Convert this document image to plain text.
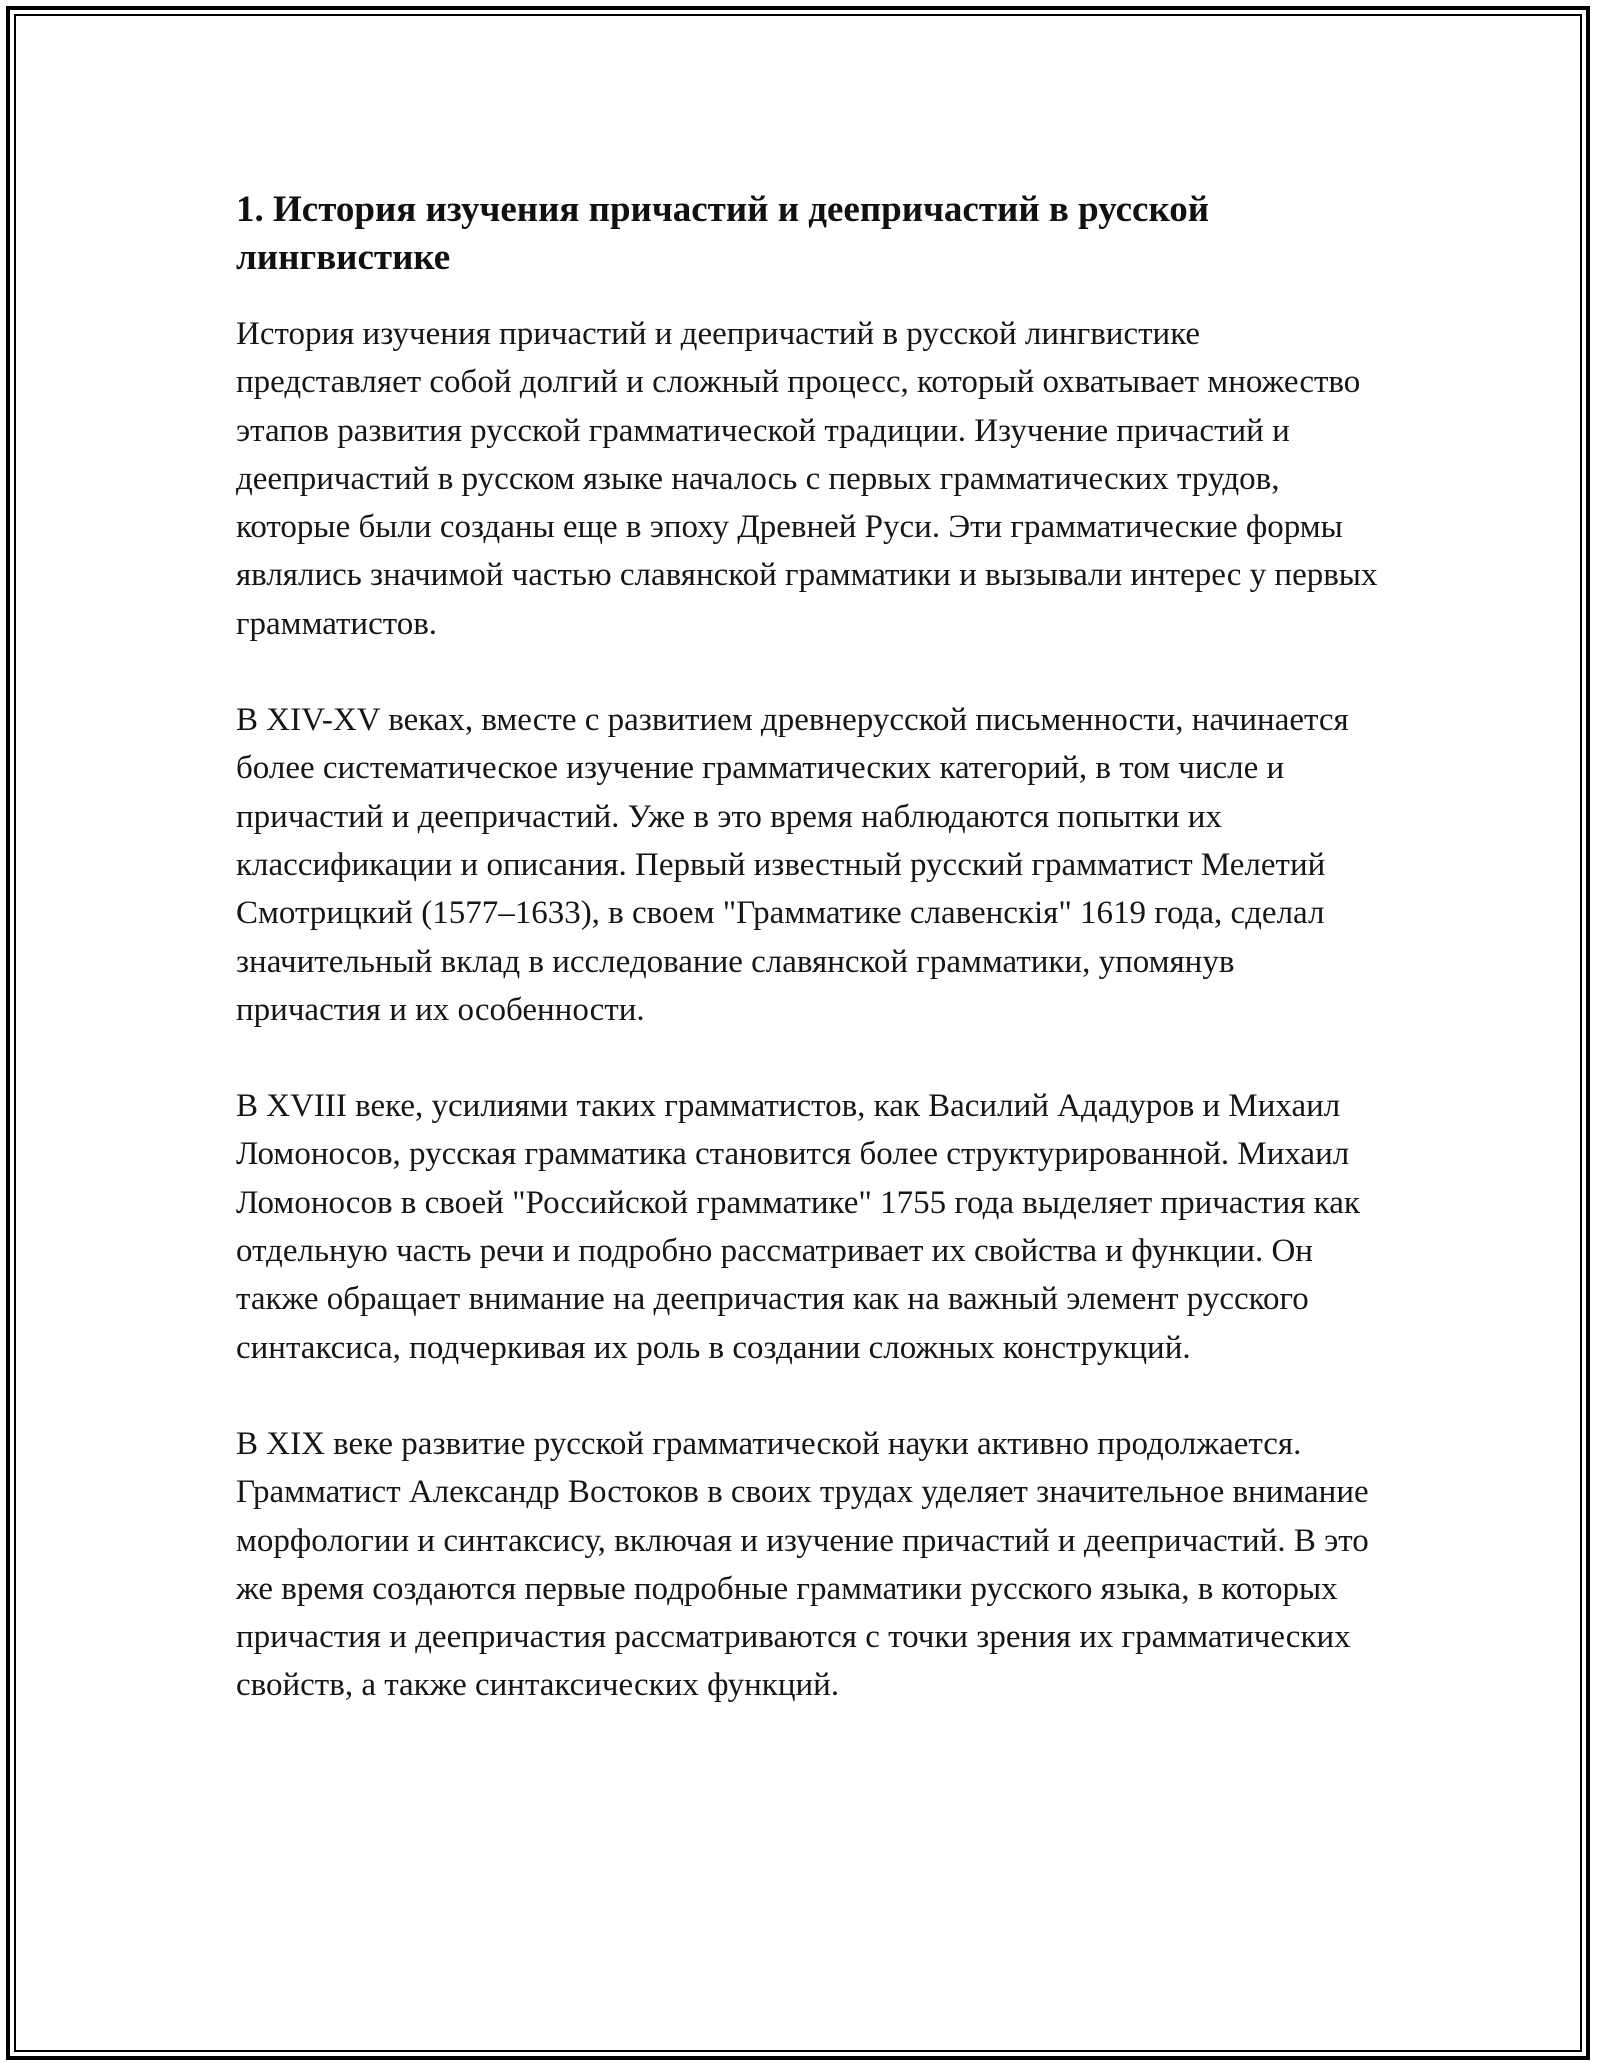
1. История изучения причастий и деепричастий в русской лингвистике

История изучения причастий и деепричастий в русской лингвистике представляет собой долгий и сложный процесс, который охватывает множество этапов развития русской грамматической традиции. Изучение причастий и деепричастий в русском языке началось с первых грамматических трудов, которые были созданы еще в эпоху Древней Руси. Эти грамматические формы являлись значимой частью славянской грамматики и вызывали интерес у первых грамматистов.

В XIV-XV веках, вместе с развитием древнерусской письменности, начинается более систематическое изучение грамматических категорий, в том числе и причастий и деепричастий. Уже в это время наблюдаются попытки их классификации и описания. Первый известный русский грамматист Мелетий Смотрицкий (1577–1633), в своем "Грамматике славенскія" 1619 года, сделал значительный вклад в исследование славянской грамматики, упомянув причастия и их особенности.

В XVIII веке, усилиями таких грамматистов, как Василий Ададуров и Михаил Ломоносов, русская грамматика становится более структурированной. Михаил Ломоносов в своей "Российской грамматике" 1755 года выделяет причастия как отдельную часть речи и подробно рассматривает их свойства и функции. Он также обращает внимание на деепричастия как на важный элемент русского синтаксиса, подчеркивая их роль в создании сложных конструкций.

В XIX веке развитие русской грамматической науки активно продолжается. Грамматист Александр Востоков в своих трудах уделяет значительное внимание морфологии и синтаксису, включая и изучение причастий и деепричастий. В это же время создаются первые подробные грамматики русского языка, в которых причастия и деепричастия рассматриваются с точки зрения их грамматических свойств, а также синтаксических функций.
